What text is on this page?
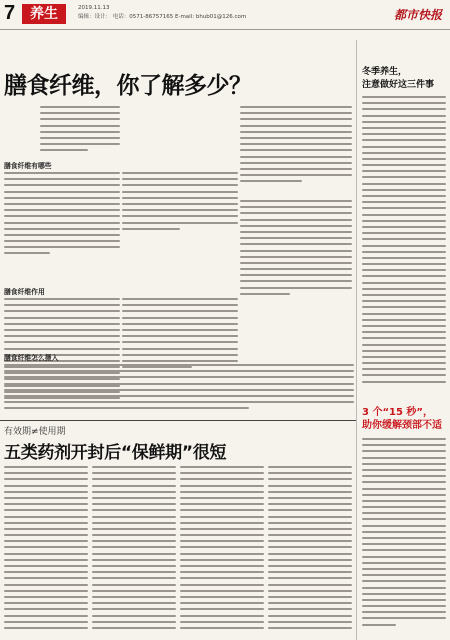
7	养生	2019.11.13
编辑：设计： 电话：0571-86757165 E-mail: bhub01@126.com	都市快报
膳食纤维，你了解多少？
膳食纤维有哪些
膳食纤维作用
膳食纤维怎么摄入
冬季养生，
注意做好这三件事
3 个“15 秒”，
助你缓解颈部不适
有效期≠使用期
五类药剂开封后“保鲜期”很短
